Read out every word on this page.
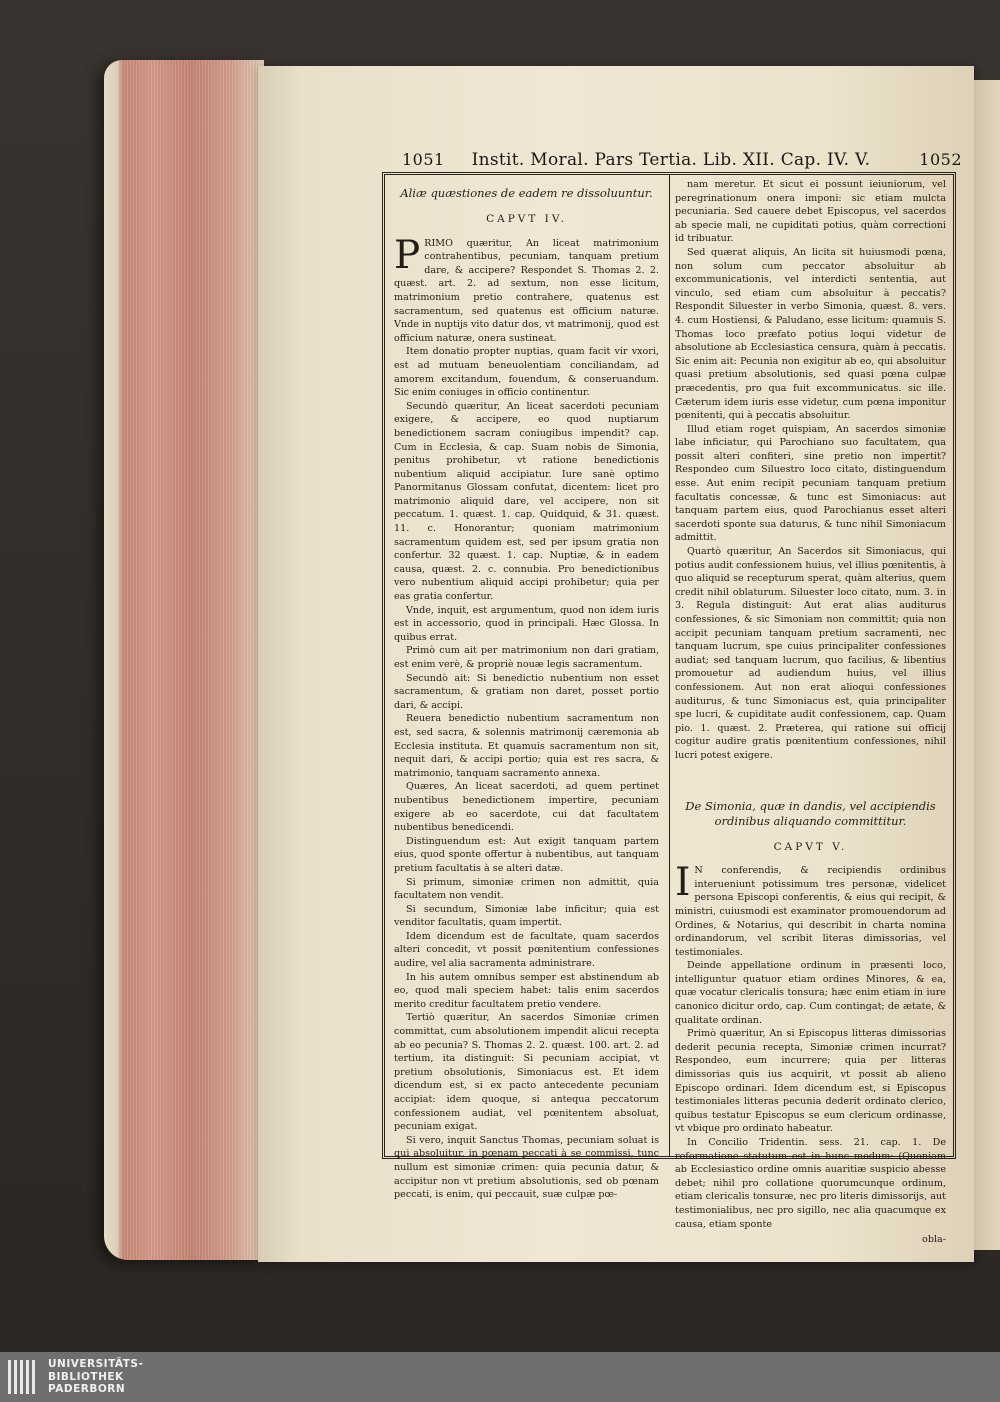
1051	Instit. Moral. Pars Tertia. Lib. XII. Cap. IV. V.	1052
Aliæ quæstiones de eadem re dissoluuntur.
CAPVT IV.

PRIMO quæritur, An liceat matrimonium contrahentibus, pecuniam, tanquam pretium dare, & accipere? Respondet S. Thomas 2. 2. quæst. art. 2. ad sextum, non esse licitum, matrimonium pretio contrahere, quatenus est sacramentum, sed quatenus est officium naturæ. Vnde in nuptijs vito datur dos, vt matrimonij, quod est officium naturæ, onera sustineat.

Item donatio propter nuptias, quam facit vir vxori, est ad mutuam beneuolentiam conciliandam, ad amorem excitandum, fouendum, & conseruandum. Sic enim coniuges in officio continentur.

Secundò quæritur, An liceat sacerdoti pecuniam exigere, & accipere, eo quod nuptiarum benedictionem sacram coniugibus impendit? cap. Cum in Ecclesia, & cap. Suam nobis de Simonia, penitus prohibetur, vt ratione benedictionis nubentium aliquid accipiatur. Iure sanè optimo Panormitanus Glossam confutat, dicentem: licet pro matrimonio aliquid dare, vel accipere, non sit peccatum. 1. quæst. 1. cap. Quidquid, & 31. quæst. 11. c. Honorantur; quoniam matrimonium sacramentum quidem est, sed per ipsum gratia non confertur. 32 quæst. 1. cap. Nuptiæ, & in eadem causa, quæst. 2. c. connubia. Pro benedictionibus vero nubentium aliquid accipi prohibetur; quia per eas gratia confertur.

Vnde, inquit, est argumentum, quod non idem iuris est in accessorio, quod in principali. Hæc Glossa. In quibus errat.

Primò cum ait per matrimonium non dari gratiam, est enim verè, & propriè nouæ legis sacramentum.

Secundò ait: Si benedictio nubentium non esset sacramentum, & gratiam non daret, posset portio dari, & accipi.

Reuera benedictio nubentium sacramentum non est, sed sacra, & solennis matrimonij cæremonia ab Ecclesia instituta. Et quamuis sacramentum non sit, nequit dari, & accipi portio; quia est res sacra, & matrimonio, tanquam sacramento annexa.

Quæres, An liceat sacerdoti, ad quem pertinet nubentibus benedictionem impertire, pecuniam exigere ab eo sacerdote, cui dat facultatem nubentibus benedicendi.

Distinguendum est: Aut exigit tanquam partem eius, quod sponte offertur à nubentibus, aut tanquam pretium facultatis à se alteri datæ.

Si primum, simoniæ crimen non admittit, quia facultatem non vendit.

Si secundum, Simoniæ labe inficitur; quia est venditor facultatis, quam impertit.

Idem dicendum est de facultate, quam sacerdos alteri concedit, vt possit pœnitentium confessiones audire, vel alia sacramenta administrare.

In his autem omnibus semper est abstinendum ab eo, quod mali speciem habet: talis enim sacerdos merito creditur facultatem pretio vendere.

Tertiò quæritur, An sacerdos Simoniæ crimen committat, cum absolutionem impendit alicui recepta ab eo pecunia? S. Thomas 2. 2. quæst. 100. art. 2. ad tertium, ita distinguit: Si pecuniam accipiat, vt pretium obsolutionis, Simoniacus est. Et idem dicendum est, si ex pacto antecedente pecuniam accipiat: idem quoque, si antequa peccatorum confessionem audiat, vel pœnitentem absoluat, pecuniam exigat.

Si vero, inquit Sanctus Thomas, pecuniam soluat is qui absoluitur, in pœnam peccati à se commissi, tunc nullum est simoniæ crimen: quia pecunia datur, & accipitur non vt pretium absolutionis, sed ob pœnam peccati, is enim, qui peccauit, suæ culpæ pœ-

nam meretur. Et sicut ei possunt ieiuniorum, vel peregrinationum onera imponi: sic etiam mulcta pecuniaria. Sed cauere debet Episcopus, vel sacerdos ab specie mali, ne cupiditati potius, quàm correctioni id tribuatur.

Sed quærat aliquis, An licita sit huiusmodi pœna, non solum cum peccator absoluitur ab excommunicationis, vel interdicti sententia, aut vinculo, sed etiam cum absoluitur à peccatis? Respondit Siluester in verbo Simonia, quæst. 8. vers. 4. cum Hostiensi, & Paludano, esse licitum: quamuis S. Thomas loco præfato potius loqui videtur de absolutione ab Ecclesiastica censura, quàm à peccatis. Sic enim ait: Pecunia non exigitur ab eo, qui absoluitur quasi pretium absolutionis, sed quasi pœna culpæ præcedentis, pro qua fuit excommunicatus. sic ille. Cæterum idem iuris esse videtur, cum pœna imponitur pœnitenti, qui à peccatis absoluitur.

Illud etiam roget quispiam, An sacerdos simoniæ labe inficiatur, qui Parochiano suo facultatem, qua possit alteri confiteri, sine pretio non impertit? Respondeo cum Siluestro loco citato, distinguendum esse. Aut enim recipit pecuniam tanquam pretium facultatis concessæ, & tunc est Simoniacus: aut tanquam partem eius, quod Parochianus esset alteri sacerdoti sponte sua daturus, & tunc nihil Simoniacum admittit.

Quartò quæritur, An Sacerdos sit Simoniacus, qui potius audit confessionem huius, vel illius pœnitentis, à quo aliquid se recepturum sperat, quàm alterius, quem credit nihil oblaturum. Siluester loco citato, num. 3. in 3. Regula distinguit: Aut erat alias auditurus confessiones, & sic Simoniam non committit; quia non accipit pecuniam tanquam pretium sacramenti, nec tanquam lucrum, spe cuius principaliter confessiones audiat; sed tanquam lucrum, quo facilius, & libentius promouetur ad audiendum huius, vel illius confessionem. Aut non erat alioqui confessiones auditurus, & tunc Simoniacus est, quia principaliter spe lucri, & cupiditate audit confessionem, cap. Quam pio. 1. quæst. 2. Præterea, qui ratione sui officij cogitur audire gratis pœnitentium confessiones, nihil lucri potest exigere.

De Simonia, quæ in dandis, vel accipiendis ordinibus aliquando committitur.
CAPVT V.

I N conferendis, & recipiendis ordinibus interueniunt potissimum tres personæ, videlicet persona Episcopi conferentis, & eius qui recipit, & ministri, cuiusmodi est examinator promouendorum ad Ordines, & Notarius, qui describit in charta nomina ordinandorum, vel scribit literas dimissorias, vel testimoniales.

Deinde appellatione ordinum in præsenti loco, intelliguntur quatuor etiam ordines Minores, & ea, quæ vocatur clericalis tonsura; hæc enim etiam in iure canonico dicitur ordo, cap. Cum contingat; de ætate, & qualitate ordinan.

Primò quæritur, An si Episcopus litteras dimissorias dederit pecunia recepta, Simoniæ crimen incurrat? Respondeo, eum incurrere; quia per litteras dimissorias quis ius acquirit, vt possit ab alieno Episcopo ordinari. Idem dicendum est, si Episcopus testimoniales litteras pecunia dederit ordinato clerico, quibus testatur Episcopus se eum clericum ordinasse, vt vbique pro ordinato habeatur.

In Concilio Tridentin. sess. 21. cap. 1. De reformatione statutum est in hunc modum: (Quoniam ab Ecclesiastico ordine omnis auaritiæ suspicio abesse debet; nihil pro collatione quorumcunque ordinum, etiam clericalis tonsuræ, nec pro literis dimissorijs, aut testimonialibus, nec pro sigillo, nec alia quacumque ex causa, etiam sponte

obla-
UNIVERSITÄTS-
BIBLIOTHEK
PADERBORN
